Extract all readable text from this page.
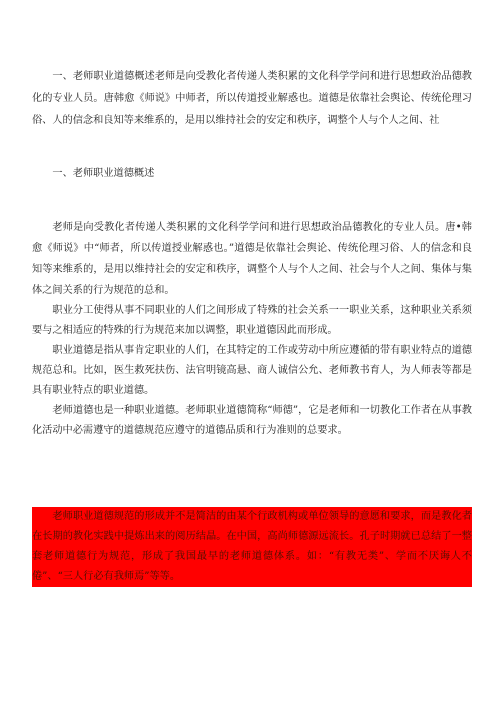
一、老师职业道德概述老师是向受教化者传递人类积累的文化科学学问和进行思想政治品德教化的专业人员。唐韩愈《师说》中师者，所以传道授业解惑也。道德是依靠社会舆论、传统伦理习俗、人的信念和良知等来维系的，是用以维持社会的安定和秩序，调整个人与个人之间、社

一、老师职业道德概述

老师是向受教化者传递人类积累的文化科学学问和进行思想政治品德教化的专业人员。唐•韩愈《师说》中“师者，所以传道授业解惑也。”道德是依靠社会舆论、传统伦理习俗、人的信念和良知等来维系的，是用以维持社会的安定和秩序，调整个人与个人之间、社会与个人之间、集体与集体之间关系的行为规范的总和。

职业分工使得从事不同职业的人们之间形成了特殊的社会关系一一职业关系，这种职业关系须要与之相适应的特殊的行为规范来加以调整，职业道德因此而形成。

职业道德是指从事肯定职业的人们，在其特定的工作或劳动中所应遵循的带有职业特点的道德规范总和。比如，医生救死扶伤、法官明镜高悬、商人诚信公允、老师教书育人，为人师表等都是具有职业特点的职业道德。

老师道德也是一种职业道德。老师职业道德简称“师德”，它是老师和一切教化工作者在从事教化活动中必需遵守的道德规范应遵守的道德品质和行为准则的总要求。

老师职业道德规范的形成并不是简洁的由某个行政机构或单位领导的意愿和要求，而是教化者在长期的教化实践中提炼出来的阅历结晶。在中国，高尚师德源远流长。孔子时期就已总结了一整套老师道德行为规范，形成了我国最早的老师道德体系。如：“有教无类”、学而不厌诲人不倦”、“三人行必有我师焉”等等。
